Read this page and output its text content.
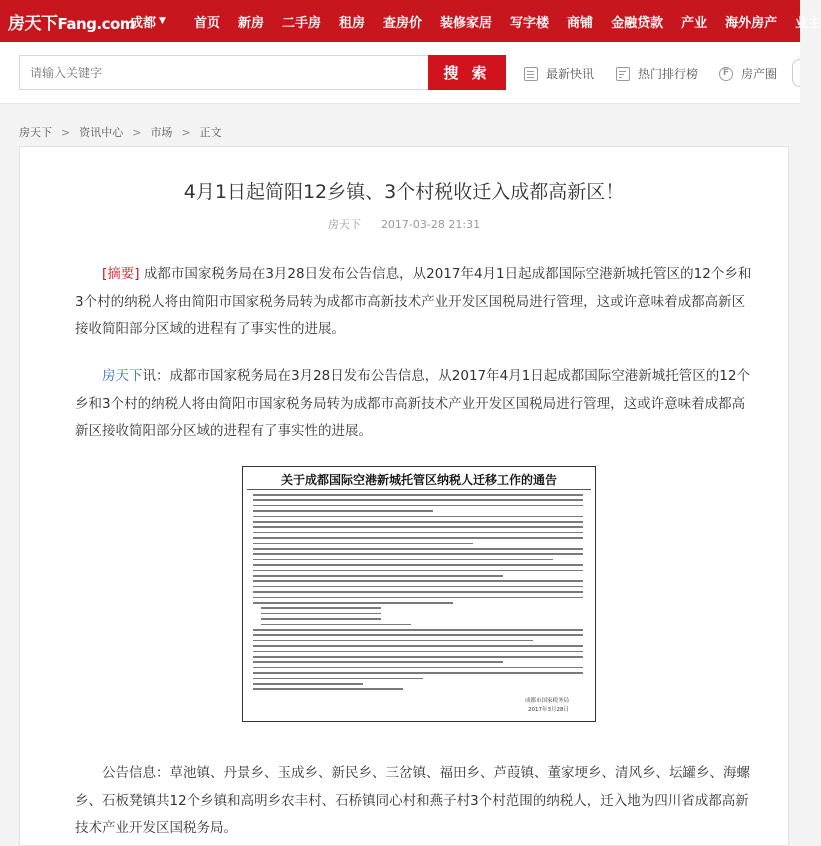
房天下Fang.com
成都 ▼ 首页 新房 二手房 租房 查房价 装修家居 写字楼 商铺 金融贷款 产业 海外房产 业主
请输入关键字
搜 索	最新快讯	热门排行榜	F 房产圈
房天下 > 资讯中心 > 市场 > 正文
4月1日起简阳12乡镇、3个村税收迁入成都高新区！
房天下 2017-03-28 21:31

[摘要] 成都市国家税务局在3月28日发布公告信息，从2017年4月1日起成都国际空港新城托管区的12个乡和3个村的纳税人将由简阳市国家税务局转为成都市高新技术产业开发区国税局进行管理，这或许意味着成都高新区接收简阳部分区域的进程有了事实性的进展。

房天下讯：成都市国家税务局在3月28日发布公告信息，从2017年4月1日起成都国际空港新城托管区的12个乡和3个村的纳税人将由简阳市国家税务局转为成都市高新技术产业开发区国税局进行管理，这或许意味着成都高新区接收简阳部分区域的进程有了事实性的进展。

关于成都国际空港新城托管区纳税人迁移工作的通告
成都市国家税务局
2017年3月28日

公告信息：草池镇、丹景乡、玉成乡、新民乡、三岔镇、福田乡、芦葭镇、董家埂乡、清风乡、坛罐乡、海螺乡、石板凳镇共12个乡镇和高明乡农丰村、石桥镇同心村和燕子村3个村范围的纳税人，迁入地为四川省成都高新技术产业开发区国税务局。
